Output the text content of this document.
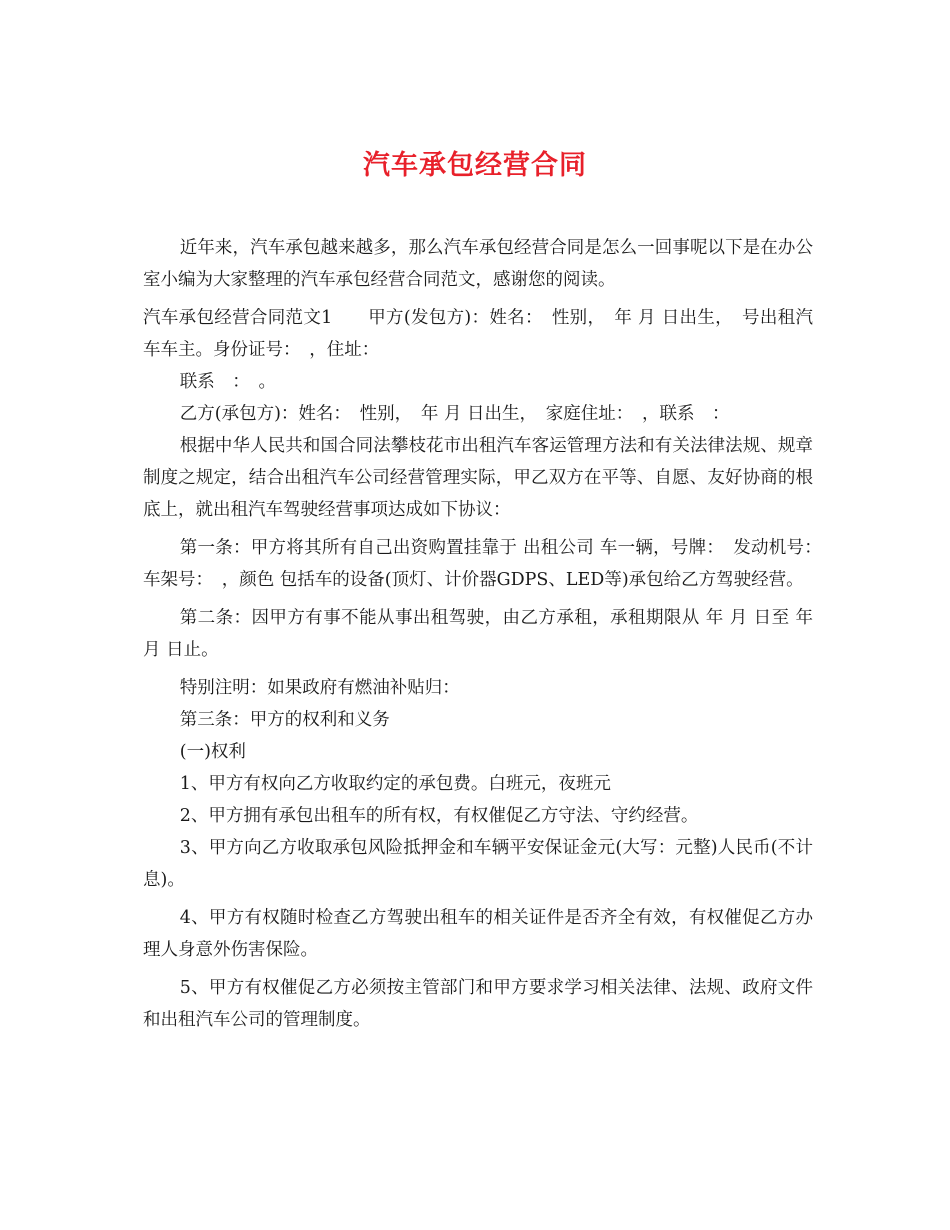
汽车承包经营合同

近年来，汽车承包越来越多，那么汽车承包经营合同是怎么一回事呢以下是在办公室小编为大家整理的汽车承包经营合同范文，感谢您的阅读。

汽车承包经营合同范文1　　甲方(发包方)：姓名：　性别，　年 月 日出生，　号出租汽车车主。身份证号：　，住址：

联系　：　。

乙方(承包方)：姓名：　性别，　年 月 日出生，　家庭住址：　，联系　：

根据中华人民共和国合同法攀枝花市出租汽车客运管理方法和有关法律法规、规章制度之规定，结合出租汽车公司经营管理实际，甲乙双方在平等、自愿、友好协商的根底上，就出租汽车驾驶经营事项达成如下协议：

第一条：甲方将其所有自己出资购置挂靠于 出租公司 车一辆，号牌：　发动机号：　车架号：　，颜色 包括车的设备(顶灯、计价器GDPS、LED等)承包给乙方驾驶经营。

第二条：因甲方有事不能从事出租驾驶，由乙方承租，承租期限从 年 月 日至 年 月 日止。

特别注明：如果政府有燃油补贴归：

第三条：甲方的权利和义务

(一)权利

1、甲方有权向乙方收取约定的承包费。白班元，夜班元

2、甲方拥有承包出租车的所有权，有权催促乙方守法、守约经营。

3、甲方向乙方收取承包风险抵押金和车辆平安保证金元(大写：元整)人民币(不计息)。

4、甲方有权随时检查乙方驾驶出租车的相关证件是否齐全有效，有权催促乙方办理人身意外伤害保险。

5、甲方有权催促乙方必须按主管部门和甲方要求学习相关法律、法规、政府文件和出租汽车公司的管理制度。
